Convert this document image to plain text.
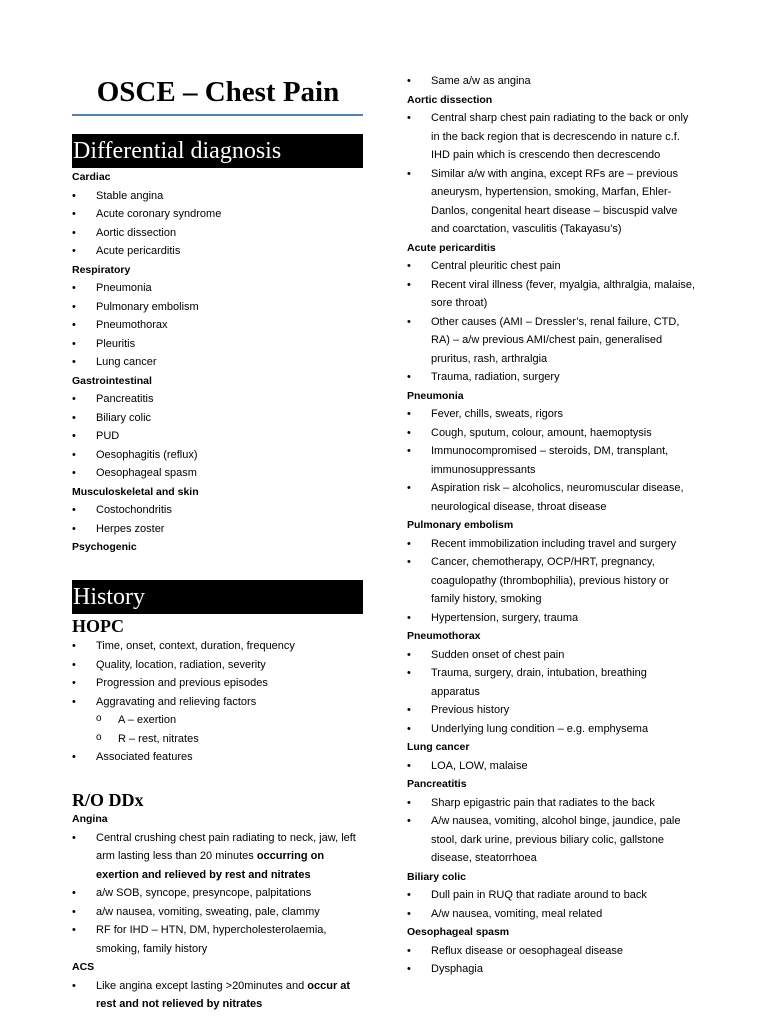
OSCE – Chest Pain
Differential diagnosis
Cardiac
• Stable angina
• Acute coronary syndrome
• Aortic dissection
• Acute pericarditis
Respiratory
• Pneumonia
• Pulmonary embolism
• Pneumothorax
• Pleuritis
• Lung cancer
Gastrointestinal
• Pancreatitis
• Biliary colic
• PUD
• Oesophagitis (reflux)
• Oesophageal spasm
Musculoskeletal and skin
• Costochondritis
• Herpes zoster
Psychogenic
History
HOPC
• Time, onset, context, duration, frequency
• Quality, location, radiation, severity
• Progression and previous episodes
• Aggravating and relieving factors
o A – exertion
o R – rest, nitrates
• Associated features
R/O DDx
Angina
• Central crushing chest pain radiating to neck, jaw, left arm lasting less than 20 minutes occurring on exertion and relieved by rest and nitrates
• a/w SOB, syncope, presyncope, palpitations
• a/w nausea, vomiting, sweating, pale, clammy
• RF for IHD – HTN, DM, hypercholesterolaemia, smoking, family history
ACS
• Like angina except lasting >20minutes and occur at rest and not relieved by nitrates
• Same a/w as angina
Aortic dissection
• Central sharp chest pain radiating to the back or only in the back region that is decrescendo in nature c.f. IHD pain which is crescendo then decrescendo
• Similar a/w with angina, except RFs are – previous aneurysm, hypertension, smoking, Marfan, Ehler-Danlos, congenital heart disease – biscuspid valve and coarctation, vasculitis (Takayasu’s)
Acute pericarditis
• Central pleuritic chest pain
• Recent viral illness (fever, myalgia, althralgia, malaise, sore throat)
• Other causes (AMI – Dressler’s, renal failure, CTD, RA) – a/w previous AMI/chest pain, generalised pruritus, rash, arthralgia
• Trauma, radiation, surgery
Pneumonia
• Fever, chills, sweats, rigors
• Cough, sputum, colour, amount, haemoptysis
• Immunocompromised – steroids, DM, transplant, immunosuppressants
• Aspiration risk – alcoholics, neuromuscular disease, neurological disease, throat disease
Pulmonary embolism
• Recent immobilization including travel and surgery
• Cancer, chemotherapy, OCP/HRT, pregnancy, coagulopathy (thrombophilia), previous history or family history, smoking
• Hypertension, surgery, trauma
Pneumothorax
• Sudden onset of chest pain
• Trauma, surgery, drain, intubation, breathing apparatus
• Previous history
• Underlying lung condition – e.g. emphysema
Lung cancer
• LOA, LOW, malaise
Pancreatitis
• Sharp epigastric pain that radiates to the back
• A/w nausea, vomiting, alcohol binge, jaundice, pale stool, dark urine, previous biliary colic, gallstone disease, steatorrhoea
Biliary colic
• Dull pain in RUQ that radiate around to back
• A/w nausea, vomiting, meal related
Oesophageal spasm
• Reflux disease or oesophageal disease
• Dysphagia
